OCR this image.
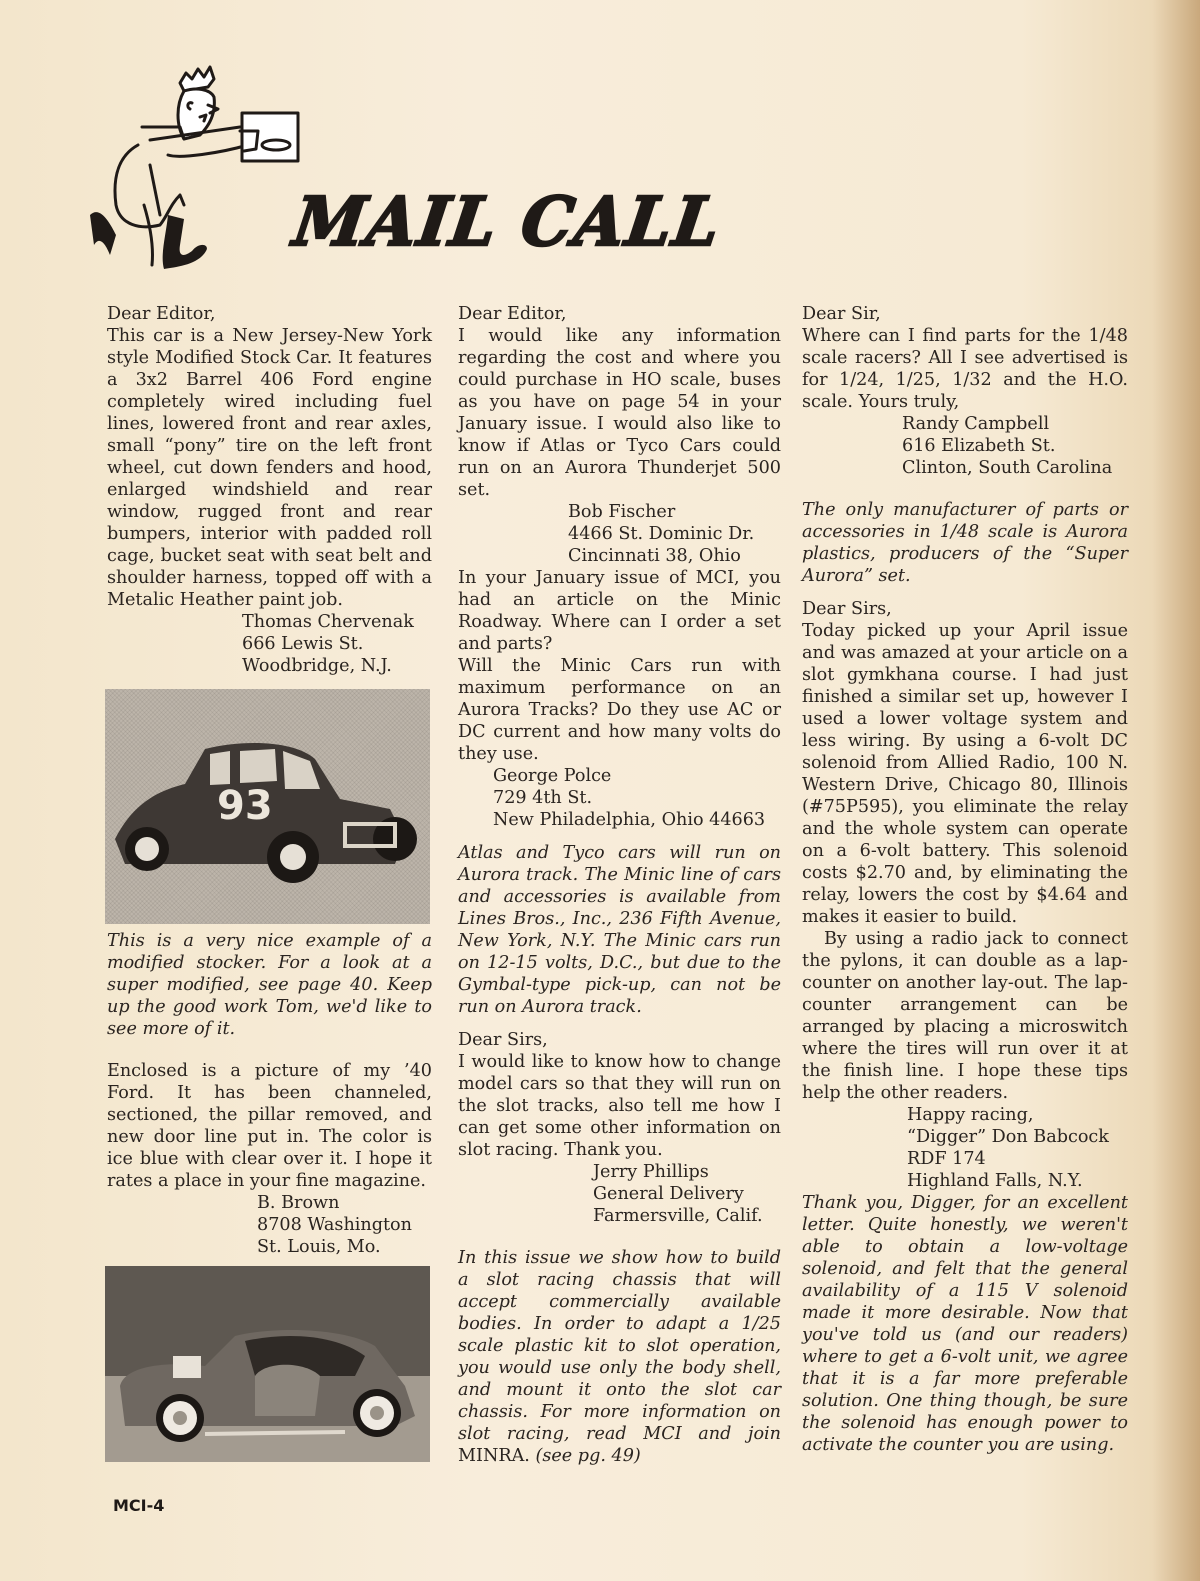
MAIL CALL

Dear Editor,

This car is a New Jersey-New York style Modified Stock Car. It features a 3x2 Barrel 406 Ford engine completely wired including fuel lines, lowered front and rear axles, small “pony” tire on the left front wheel, cut down fenders and hood, enlarged windshield and rear window, rugged front and rear bumpers, interior with padded roll cage, bucket seat with seat belt and shoulder harness, topped off with a Metalic Heather paint job.

Thomas Chervenak
666 Lewis St.
Woodbridge, N.J.
93

This is a very nice example of a modified stocker. For a look at a super modified, see page 40. Keep up the good work Tom, we'd like to see more of it.

Enclosed is a picture of my ’40 Ford. It has been channeled, sectioned, the pillar removed, and new door line put in. The color is ice blue with clear over it. I hope it rates a place in your fine magazine.

B. Brown
8708 Washington
St. Louis, Mo.

Dear Editor,

I would like any information regarding the cost and where you could purchase in HO scale, buses as you have on page 54 in your January issue. I would also like to know if Atlas or Tyco Cars could run on an Aurora Thunderjet 500 set.

Bob Fischer
4466 St. Dominic Dr.
Cincinnati 38, Ohio

In your January issue of MCI, you had an article on the Minic Roadway. Where can I order a set and parts?

Will the Minic Cars run with maximum performance on an Aurora Tracks? Do they use AC or DC current and how many volts do they use.

George Polce
729 4th St.
New Philadelphia, Ohio 44663

Atlas and Tyco cars will run on Aurora track. The Minic line of cars and accessories is available from Lines Bros., Inc., 236 Fifth Avenue, New York, N.Y. The Minic cars run on 12-15 volts, D.C., but due to the Gymbal-type pick-up, can not be run on Aurora track.

Dear Sirs,

I would like to know how to change model cars so that they will run on the slot tracks, also tell me how I can get some other information on slot racing. Thank you.

Jerry Phillips
General Delivery
Farmersville, Calif.

In this issue we show how to build a slot racing chassis that will accept commercially available bodies. In order to adapt a 1/25 scale plastic kit to slot operation, you would use only the body shell, and mount it onto the slot car chassis. For more information on slot racing, read MCI and join MINRA. (see pg. 49)

Dear Sir,

Where can I find parts for the 1/48 scale racers? All I see advertised is for 1/24, 1/25, 1/32 and the H.O. scale. Yours truly,

Randy Campbell
616 Elizabeth St.
Clinton, South Carolina

The only manufacturer of parts or accessories in 1/48 scale is Aurora plastics, producers of the “Super Aurora” set.

Dear Sirs,

Today picked up your April issue and was amazed at your article on a slot gymkhana course. I had just finished a similar set up, however I used a lower voltage system and less wiring. By using a 6-volt DC solenoid from Allied Radio, 100 N. Western Drive, Chicago 80, Illinois (#75P595), you eliminate the relay and the whole system can operate on a 6-volt battery. This solenoid costs $2.70 and, by eliminating the relay, lowers the cost by $4.64 and makes it easier to build.

By using a radio jack to connect the pylons, it can double as a lap-counter on another lay-out. The lap-counter arrangement can be arranged by placing a microswitch where the tires will run over it at the finish line. I hope these tips help the other readers.

Happy racing,
“Digger” Don Babcock
RDF 174
Highland Falls, N.Y.

Thank you, Digger, for an excellent letter. Quite honestly, we weren't able to obtain a low-voltage solenoid, and felt that the general availability of a 115 V solenoid made it more desirable. Now that you've told us (and our readers) where to get a 6-volt unit, we agree that it is a far more preferable solution. One thing though, be sure the solenoid has enough power to activate the counter you are using.

MCI-4
